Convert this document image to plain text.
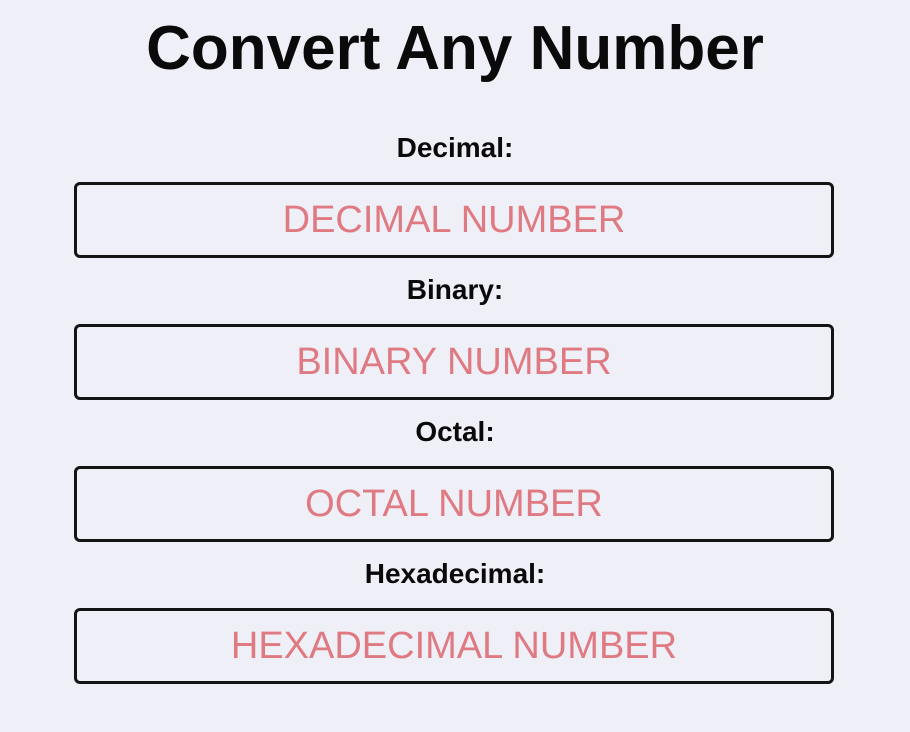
Convert Any Number
Decimal:
DECIMAL NUMBER
Binary:
BINARY NUMBER
Octal:
OCTAL NUMBER
Hexadecimal:
HEXADECIMAL NUMBER
